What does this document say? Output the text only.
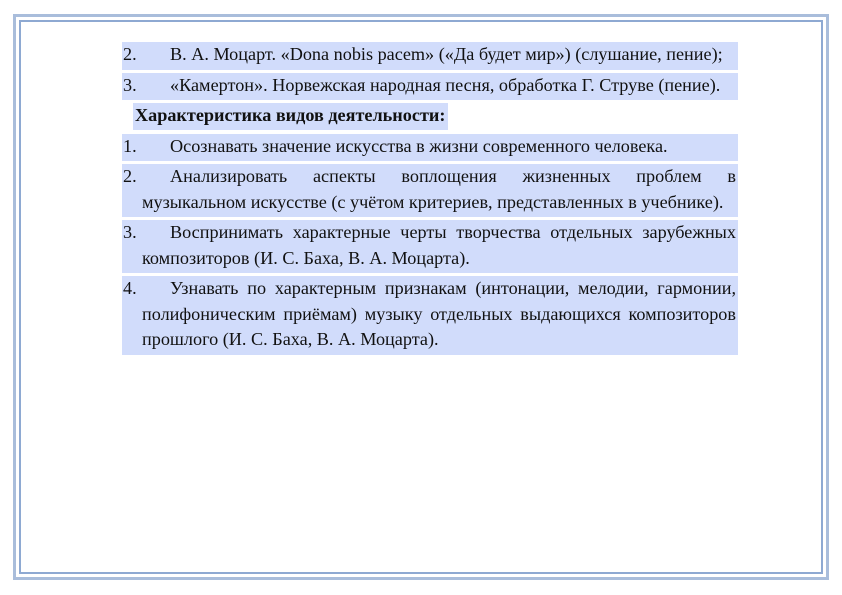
2. В. А. Моцарт. «Dona nobis pacem» («Да будет мир») (слушание, пение);
3. «Камертон». Норвежская народная песня, обработка Г. Струве (пение).
Характеристика видов деятельности:
1. Осознавать значение искусства в жизни современного человека.
2. Анализировать аспекты воплощения жизненных проблем в музыкальном искусстве (с учётом критериев, представленных в учебнике).
3. Воспринимать характерные черты творчества отдельных зарубежных композиторов (И. С. Баха, В. А. Моцарта).
4. Узнавать по характерным признакам (интонации, мелодии, гармонии, полифоническим приёмам) музыку отдельных выдающихся композиторов прошлого (И. С. Баха, В. А. Моцарта).
